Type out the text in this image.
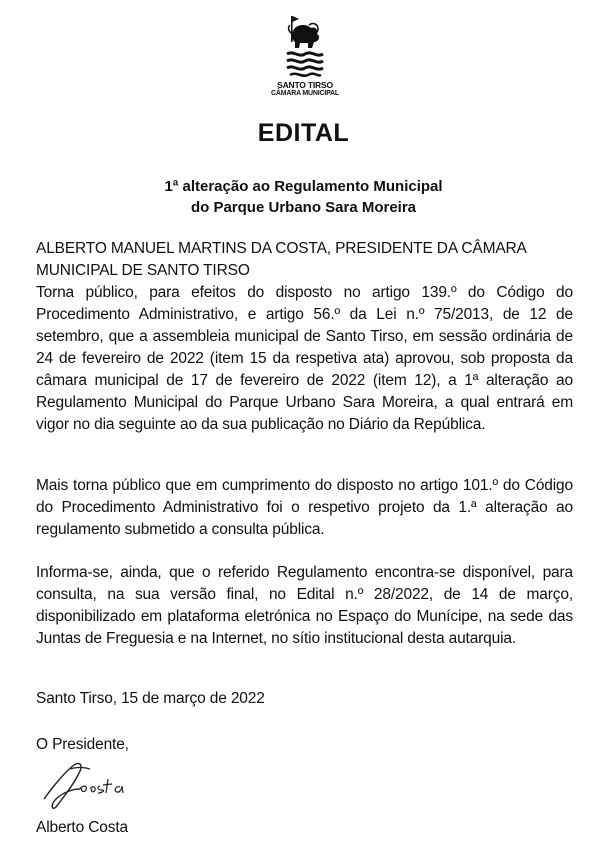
SANTO TIRSO
CÂMARA MUNICIPAL
EDITAL
1ª alteração ao Regulamento Municipal
do Parque Urbano Sara Moreira
ALBERTO MANUEL MARTINS DA COSTA, PRESIDENTE DA CÂMARA MUNICIPAL DE SANTO TIRSO
Torna público, para efeitos do disposto no artigo 139.º do Código do Procedimento Administrativo, e artigo 56.º da Lei n.º 75/2013, de 12 de setembro, que a assembleia municipal de Santo Tirso, em sessão ordinária de 24 de fevereiro de 2022 (item 15 da respetiva ata) aprovou, sob proposta da câmara municipal de 17 de fevereiro de 2022 (item 12), a 1ª alteração ao Regulamento Municipal do Parque Urbano Sara Moreira, a qual entrará em vigor no dia seguinte ao da sua publicação no Diário da República.
Mais torna público que em cumprimento do disposto no artigo 101.º do Código do Procedimento Administrativo foi o respetivo projeto da 1.ª alteração ao regulamento submetido a consulta pública.
Informa-se, ainda, que o referido Regulamento encontra-se disponível, para consulta, na sua versão final, no Edital n.º 28/2022, de 14 de março, disponibilizado em plataforma eletrónica no Espaço do Munícipe, na sede das Juntas de Freguesia e na Internet, no sítio institucional desta autarquia.
Santo Tirso, 15 de março de 2022
O Presidente,
Alberto Costa
